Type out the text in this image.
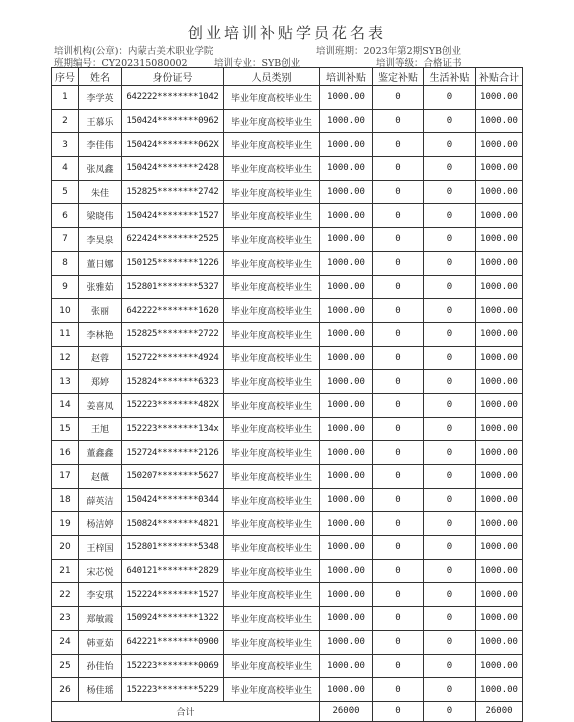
创业培训补贴学员花名表
培训机构(公章)：内蒙古美术职业学院	培训班期：2023年第2期SYB创业
班期编号：CY202315080002	培训专业：SYB创业	培训等级：合格证书
序号	姓名	身份证号	人员类别	培训补贴	鉴定补贴	生活补贴	补贴合计
1	李学英	642222********1042	毕业年度高校毕业生	1000.00	0	0	1000.00
2	王慕乐	150424********0962	毕业年度高校毕业生	1000.00	0	0	1000.00
3	李佳伟	150424********062X	毕业年度高校毕业生	1000.00	0	0	1000.00
4	张凤鑫	150424********2428	毕业年度高校毕业生	1000.00	0	0	1000.00
5	朱佳	152825********2742	毕业年度高校毕业生	1000.00	0	0	1000.00
6	梁晓伟	150424********1527	毕业年度高校毕业生	1000.00	0	0	1000.00
7	李昊泉	622424********2525	毕业年度高校毕业生	1000.00	0	0	1000.00
8	董日娜	150125********1226	毕业年度高校毕业生	1000.00	0	0	1000.00
9	张雅茹	152801********5327	毕业年度高校毕业生	1000.00	0	0	1000.00
10	张丽	642222********1620	毕业年度高校毕业生	1000.00	0	0	1000.00
11	李林艳	152825********2722	毕业年度高校毕业生	1000.00	0	0	1000.00
12	赵蓉	152722********4924	毕业年度高校毕业生	1000.00	0	0	1000.00
13	郑婷	152824********6323	毕业年度高校毕业生	1000.00	0	0	1000.00
14	姜喜凤	152223********482X	毕业年度高校毕业生	1000.00	0	0	1000.00
15	王旭	152223********134x	毕业年度高校毕业生	1000.00	0	0	1000.00
16	董鑫鑫	152724********2126	毕业年度高校毕业生	1000.00	0	0	1000.00
17	赵薇	150207********5627	毕业年度高校毕业生	1000.00	0	0	1000.00
18	薛英洁	150424********0344	毕业年度高校毕业生	1000.00	0	0	1000.00
19	杨洁婷	150824********4821	毕业年度高校毕业生	1000.00	0	0	1000.00
20	王梓国	152801********5348	毕业年度高校毕业生	1000.00	0	0	1000.00
21	宋芯悦	640121********2829	毕业年度高校毕业生	1000.00	0	0	1000.00
22	李安琪	152224********1527	毕业年度高校毕业生	1000.00	0	0	1000.00
23	郑敏霞	150924********1322	毕业年度高校毕业生	1000.00	0	0	1000.00
24	韩亚茹	642221********0900	毕业年度高校毕业生	1000.00	0	0	1000.00
25	孙佳怡	152223********0069	毕业年度高校毕业生	1000.00	0	0	1000.00
26	杨佳瑶	152223********5229	毕业年度高校毕业生	1000.00	0	0	1000.00
合计				26000	0	0	26000
